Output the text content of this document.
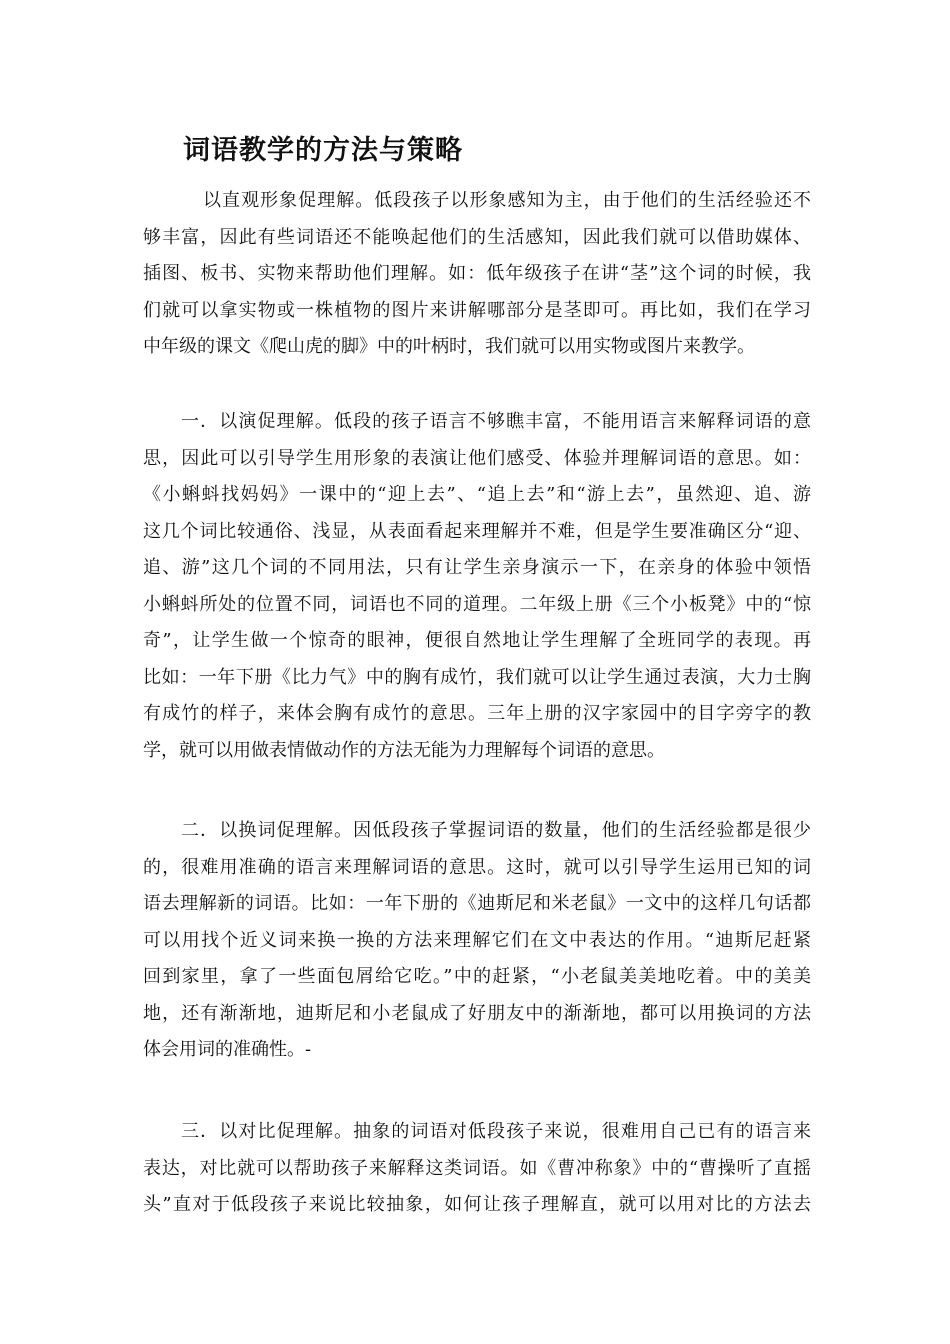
词语教学的方法与策略

以直观形象促理解。低段孩子以形象感知为主，由于他们的生活经验还不
够丰富，因此有些词语还不能唤起他们的生活感知，因此我们就可以借助媒体、
插图、板书、实物来帮助他们理解。如：低年级孩子在讲“茎”这个词的时候，我
们就可以拿实物或一株植物的图片来讲解哪部分是茎即可。再比如，我们在学习
中年级的课文《爬山虎的脚》中的叶柄时，我们就可以用实物或图片来教学。

一．以演促理解。低段的孩子语言不够瞧丰富，不能用语言来解释词语的意
思，因此可以引导学生用形象的表演让他们感受、体验并理解词语的意思。如：
《小蝌蚪找妈妈》一课中的“迎上去”、“追上去”和“游上去”，虽然迎、追、游
这几个词比较通俗、浅显，从表面看起来理解并不难，但是学生要准确区分“迎、
追、游”这几个词的不同用法，只有让学生亲身演示一下，在亲身的体验中领悟
小蝌蚪所处的位置不同，词语也不同的道理。二年级上册《三个小板凳》中的“惊
奇”，让学生做一个惊奇的眼神，便很自然地让学生理解了全班同学的表现。再
比如：一年下册《比力气》中的胸有成竹，我们就可以让学生通过表演，大力士胸
有成竹的样子，来体会胸有成竹的意思。三年上册的汉字家园中的目字旁字的教
学，就可以用做表情做动作的方法无能为力理解每个词语的意思。

二．以换词促理解。因低段孩子掌握词语的数量，他们的生活经验都是很少
的，很难用准确的语言来理解词语的意思。这时，就可以引导学生运用已知的词
语去理解新的词语。比如：一年下册的《迪斯尼和米老鼠》一文中的这样几句话都
可以用找个近义词来换一换的方法来理解它们在文中表达的作用。“迪斯尼赶紧
回到家里，拿了一些面包屑给它吃。”中的赶紧，“小老鼠美美地吃着。中的美美
地，还有渐渐地，迪斯尼和小老鼠成了好朋友中的渐渐地，都可以用换词的方法
体会用词的准确性。-

三．以对比促理解。抽象的词语对低段孩子来说，很难用自己已有的语言来
表达，对比就可以帮助孩子来解释这类词语。如《曹冲称象》中的“曹操听了直摇
头”直对于低段孩子来说比较抽象，如何让孩子理解直，就可以用对比的方法去
